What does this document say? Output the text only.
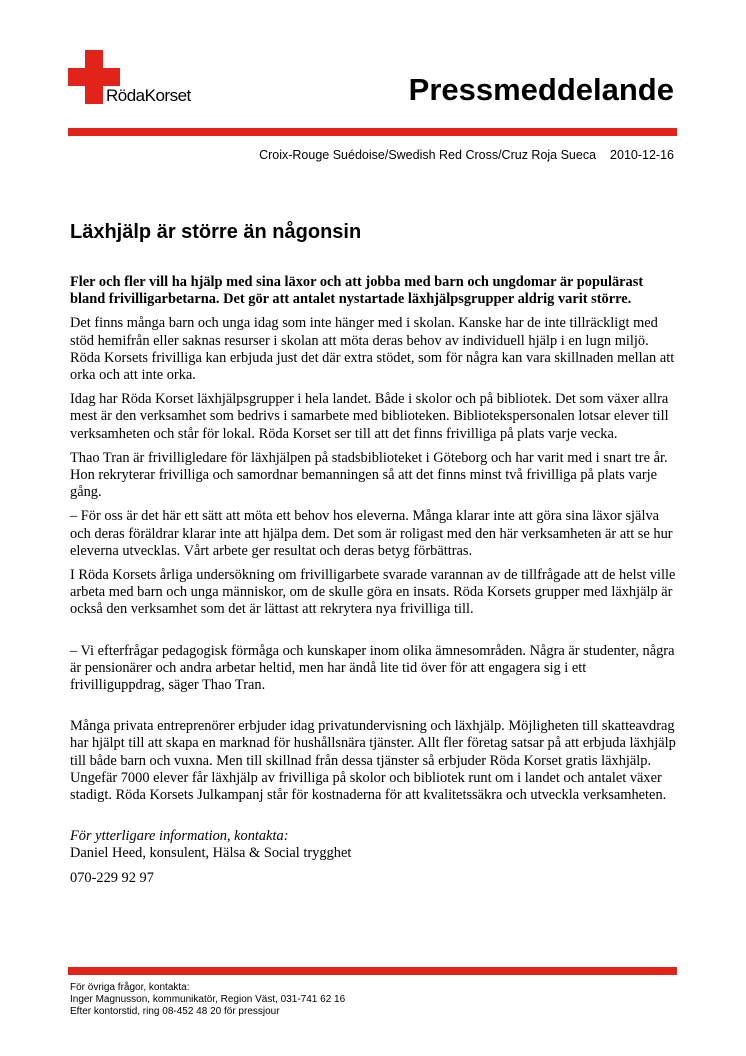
RödaKorset	Pressmeddelande
Croix-Rouge Suédoise/Swedish Red Cross/Cruz Roja Sueca 2010-12-16
Läxhjälp är större än någonsin

Fler och fler vill ha hjälp med sina läxor och att jobba med barn och ungdomar är populärast bland frivilligarbetarna. Det gör att antalet nystartade läxhjälpsgrupper aldrig varit större.

Det finns många barn och unga idag som inte hänger med i skolan. Kanske har de inte tillräckligt med stöd hemifrån eller saknas resurser i skolan att möta deras behov av individuell hjälp i en lugn miljö. Röda Korsets frivilliga kan erbjuda just det där extra stödet, som för några kan vara skillnaden mellan att orka och att inte orka.

Idag har Röda Korset läxhjälpsgrupper i hela landet. Både i skolor och på bibliotek. Det som växer allra mest är den verksamhet som bedrivs i samarbete med biblioteken. Bibliotekspersonalen lotsar elever till verksamheten och står för lokal. Röda Korset ser till att det finns frivilliga på plats varje vecka.

Thao Tran är frivilligledare för läxhjälpen på stadsbiblioteket i Göteborg och har varit med i snart tre år. Hon rekryterar frivilliga och samordnar bemanningen så att det finns minst två frivilliga på plats varje gång.

– För oss är det här ett sätt att möta ett behov hos eleverna. Många klarar inte att göra sina läxor själva och deras föräldrar klarar inte att hjälpa dem. Det som är roligast med den här verksamheten är att se hur eleverna utvecklas. Vårt arbete ger resultat och deras betyg förbättras.

I Röda Korsets årliga undersökning om frivilligarbete svarade varannan av de tillfrågade att de helst ville arbeta med barn och unga människor, om de skulle göra en insats. Röda Korsets grupper med läxhjälp är också den verksamhet som det är lättast att rekrytera nya frivilliga till.

– Vi efterfrågar pedagogisk förmåga och kunskaper inom olika ämnesområden. Några är studenter, några är pensionärer och andra arbetar heltid, men har ändå lite tid över för att engagera sig i ett frivilliguppdrag, säger Thao Tran.

Många privata entreprenörer erbjuder idag privatundervisning och läxhjälp. Möjligheten till skatteavdrag har hjälpt till att skapa en marknad för hushållsnära tjänster. Allt fler företag satsar på att erbjuda läxhjälp till både barn och vuxna. Men till skillnad från dessa tjänster så erbjuder Röda Korset gratis läxhjälp. Ungefär 7000 elever får läxhjälp av frivilliga på skolor och bibliotek runt om i landet och antalet växer stadigt. Röda Korsets Julkampanj står för kostnaderna för att kvalitetssäkra och utveckla verksamheten.

För ytterligare information, kontakta:
Daniel Heed, konsulent, Hälsa & Social trygghet

070-229 92 97

För övriga frågor, kontakta:
Inger Magnusson, kommunikatör, Region Väst, 031-741 62 16
Efter kontorstid, ring 08-452 48 20 för pressjour
